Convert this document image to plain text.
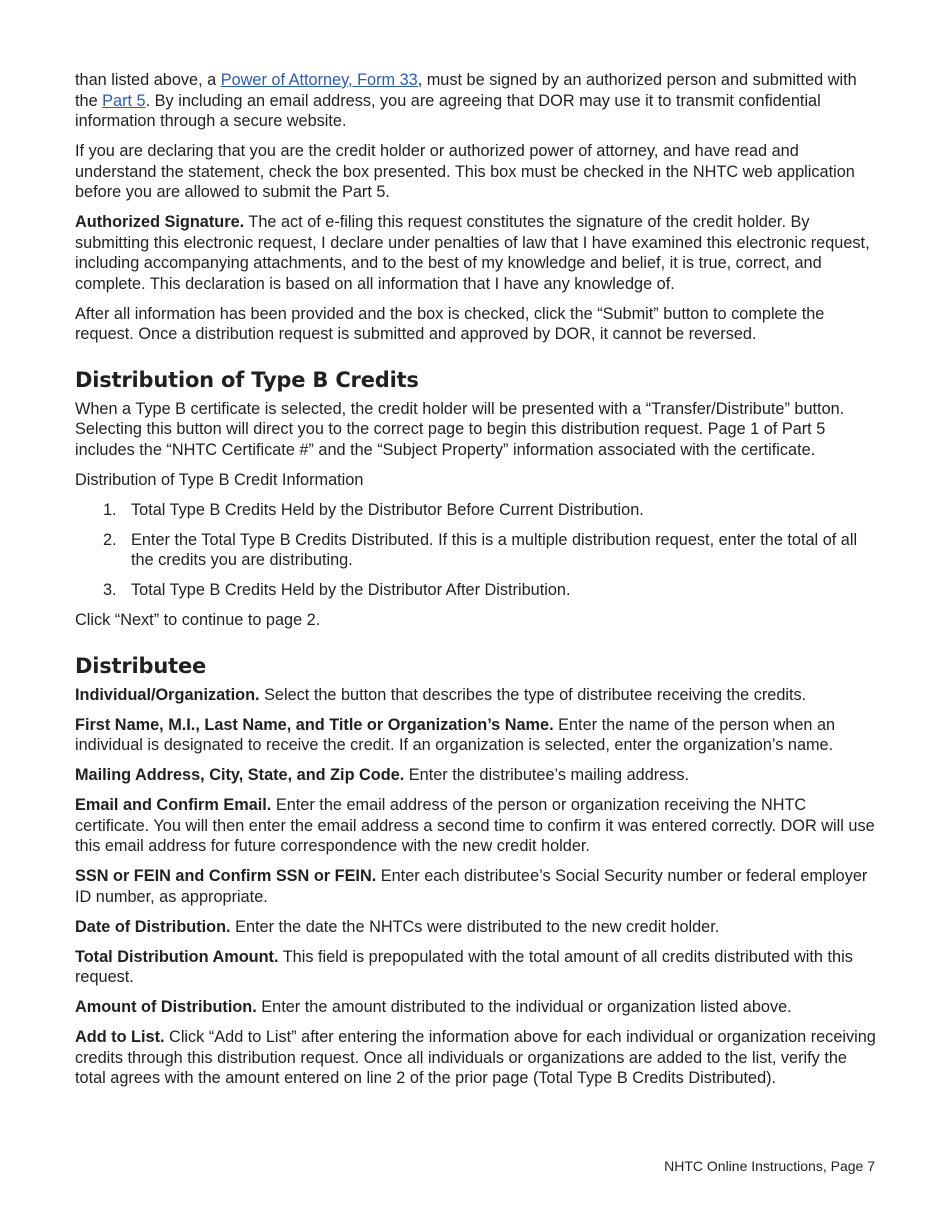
than listed above, a Power of Attorney, Form 33, must be signed by an authorized person and submitted with the Part 5. By including an email address, you are agreeing that DOR may use it to transmit confidential information through a secure website.

If you are declaring that you are the credit holder or authorized power of attorney, and have read and understand the statement, check the box presented. This box must be checked in the NHTC web application before you are allowed to submit the Part 5.

Authorized Signature. The act of e-filing this request constitutes the signature of the credit holder. By submitting this electronic request, I declare under penalties of law that I have examined this electronic request, including accompanying attachments, and to the best of my knowledge and belief, it is true, correct, and complete. This declaration is based on all information that I have any knowledge of.

After all information has been provided and the box is checked, click the “Submit” button to complete the request. Once a distribution request is submitted and approved by DOR, it cannot be reversed.

Distribution of Type B Credits

When a Type B certificate is selected, the credit holder will be presented with a “Transfer/Distribute” button. Selecting this button will direct you to the correct page to begin this distribution request. Page 1 of Part 5 includes the “NHTC Certificate #” and the “Subject Property” information associated with the certificate.

Distribution of Type B Credit Information

1. Total Type B Credits Held by the Distributor Before Current Distribution.
2. Enter the Total Type B Credits Distributed. If this is a multiple distribution request, enter the total of all the credits you are distributing.
3. Total Type B Credits Held by the Distributor After Distribution.

Click “Next” to continue to page 2.

Distributee

Individual/Organization. Select the button that describes the type of distributee receiving the credits.

First Name, M.I., Last Name, and Title or Organization’s Name. Enter the name of the person when an individual is designated to receive the credit. If an organization is selected, enter the organization’s name.

Mailing Address, City, State, and Zip Code. Enter the distributee’s mailing address.

Email and Confirm Email. Enter the email address of the person or organization receiving the NHTC certificate. You will then enter the email address a second time to confirm it was entered correctly. DOR will use this email address for future correspondence with the new credit holder.

SSN or FEIN and Confirm SSN or FEIN. Enter each distributee’s Social Security number or federal employer ID number, as appropriate.

Date of Distribution. Enter the date the NHTCs were distributed to the new credit holder.

Total Distribution Amount. This field is prepopulated with the total amount of all credits distributed with this request.

Amount of Distribution. Enter the amount distributed to the individual or organization listed above.

Add to List. Click “Add to List” after entering the information above for each individual or organization receiving credits through this distribution request. Once all individuals or organizations are added to the list, verify the total agrees with the amount entered on line 2 of the prior page (Total Type B Credits Distributed).

NHTC Online Instructions, Page 7
